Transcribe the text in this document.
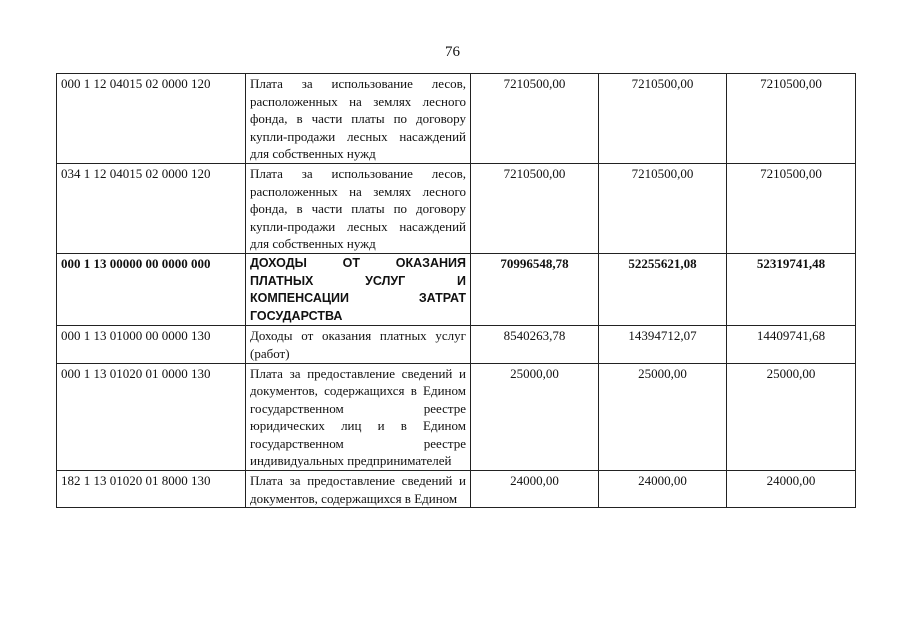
76
000 1 12 04015 02 0000 120	Плата за использование лесов, расположенных на землях лесного фонда, в части платы по договору купли-продажи лесных насаждений для собственных нужд	7210500,00	7210500,00	7210500,00
034 1 12 04015 02 0000 120	Плата за использование лесов, расположенных на землях лесного фонда, в части платы по договору купли-продажи лесных насаждений для собственных нужд	7210500,00	7210500,00	7210500,00
000 1 13 00000 00 0000 000	ДОХОДЫ ОТ ОКАЗАНИЯ ПЛАТНЫХ УСЛУГ И КОМПЕНСАЦИИ ЗАТРАТ ГОСУДАРСТВА	70996548,78	52255621,08	52319741,48
000 1 13 01000 00 0000 130	Доходы от оказания платных услуг (работ)	8540263,78	14394712,07	14409741,68
000 1 13 01020 01 0000 130	Плата за предоставление сведений и документов, содержащихся в Едином государственном реестре юридических лиц и в Едином государственном реестре индивидуальных предпринимателей	25000,00	25000,00	25000,00
182 1 13 01020 01 8000 130	Плата за предоставление сведений и документов, содержащихся в Едином	24000,00	24000,00	24000,00
